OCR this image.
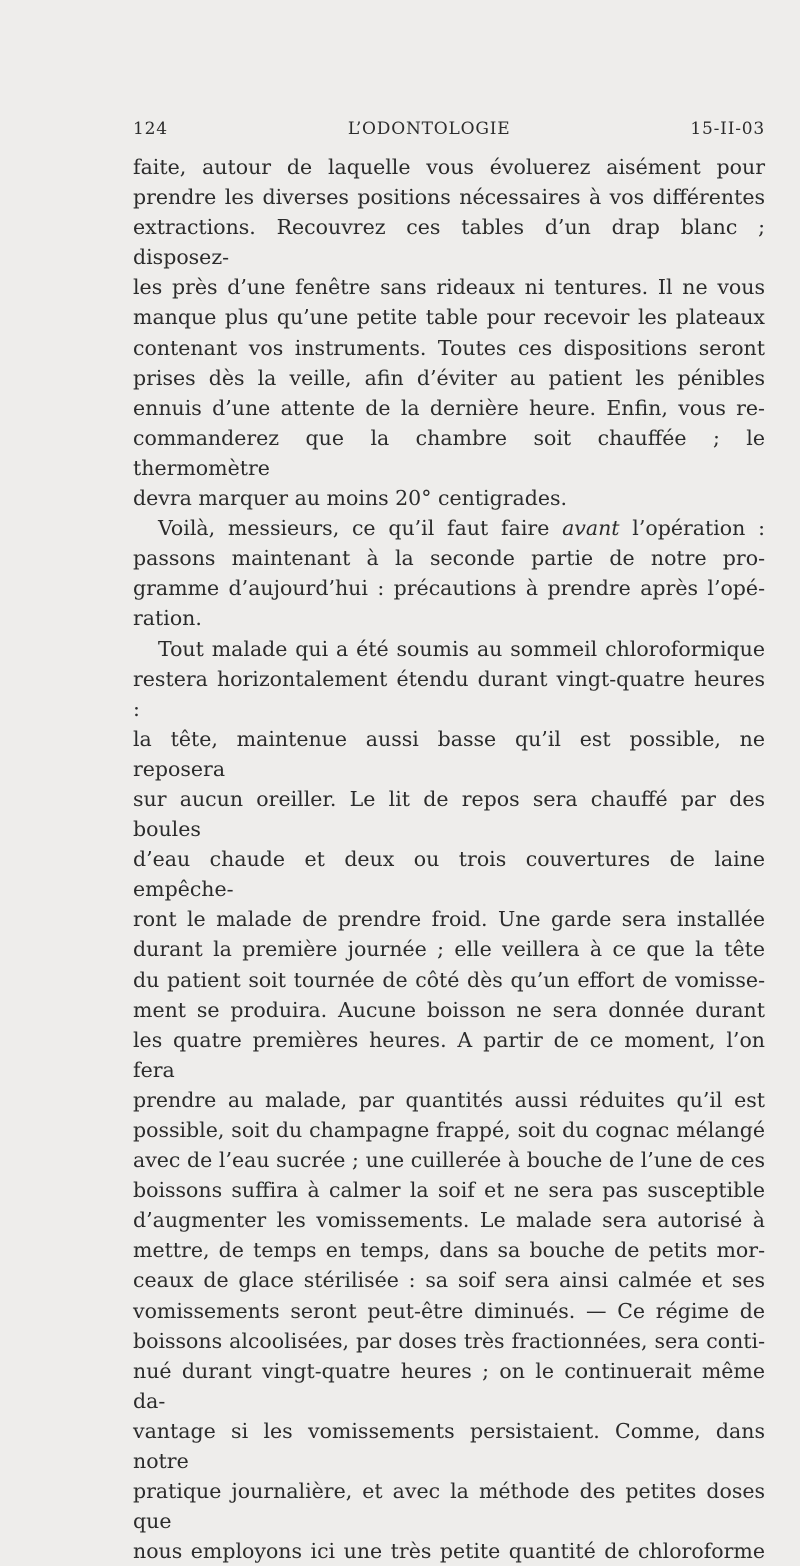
124	L’ODONTOLOGIE	15-II-03

faite, autour de laquelle vous évoluerez aisément pour

prendre les diverses positions nécessaires à vos différentes

extractions. Recouvrez ces tables d’un drap blanc ; disposez-

les près d’une fenêtre sans rideaux ni tentures. Il ne vous

manque plus qu’une petite table pour recevoir les plateaux

contenant vos instruments. Toutes ces dispositions seront

prises dès la veille, afin d’éviter au patient les pénibles

ennuis d’une attente de la dernière heure. Enfin, vous re-

commanderez que la chambre soit chauffée ; le thermomètre

devra marquer au moins 20° centigrades.

Voilà, messieurs, ce qu’il faut faire avant l’opération :

passons maintenant à la seconde partie de notre pro-

gramme d’aujourd’hui : précautions à prendre après l’opé-

ration.

Tout malade qui a été soumis au sommeil chloroformique

restera horizontalement étendu durant vingt-quatre heures :

la tête, maintenue aussi basse qu’il est possible, ne reposera

sur aucun oreiller. Le lit de repos sera chauffé par des boules

d’eau chaude et deux ou trois couvertures de laine empêche-

ront le malade de prendre froid. Une garde sera installée

durant la première journée ; elle veillera à ce que la tête

du patient soit tournée de côté dès qu’un effort de vomisse-

ment se produira. Aucune boisson ne sera donnée durant

les quatre premières heures. A partir de ce moment, l’on fera

prendre au malade, par quantités aussi réduites qu’il est

possible, soit du champagne frappé, soit du cognac mélangé

avec de l’eau sucrée ; une cuillerée à bouche de l’une de ces

boissons suffira à calmer la soif et ne sera pas susceptible

d’augmenter les vomissements. Le malade sera autorisé à

mettre, de temps en temps, dans sa bouche de petits mor-

ceaux de glace stérilisée : sa soif sera ainsi calmée et ses

vomissements seront peut-être diminués. — Ce régime de

boissons alcoolisées, par doses très fractionnées, sera conti-

nué durant vingt-quatre heures ; on le continuerait même da-

vantage si les vomissements persistaient. Comme, dans notre

pratique journalière, et avec la méthode des petites doses que

nous employons ici une très petite quantité de chloroforme
